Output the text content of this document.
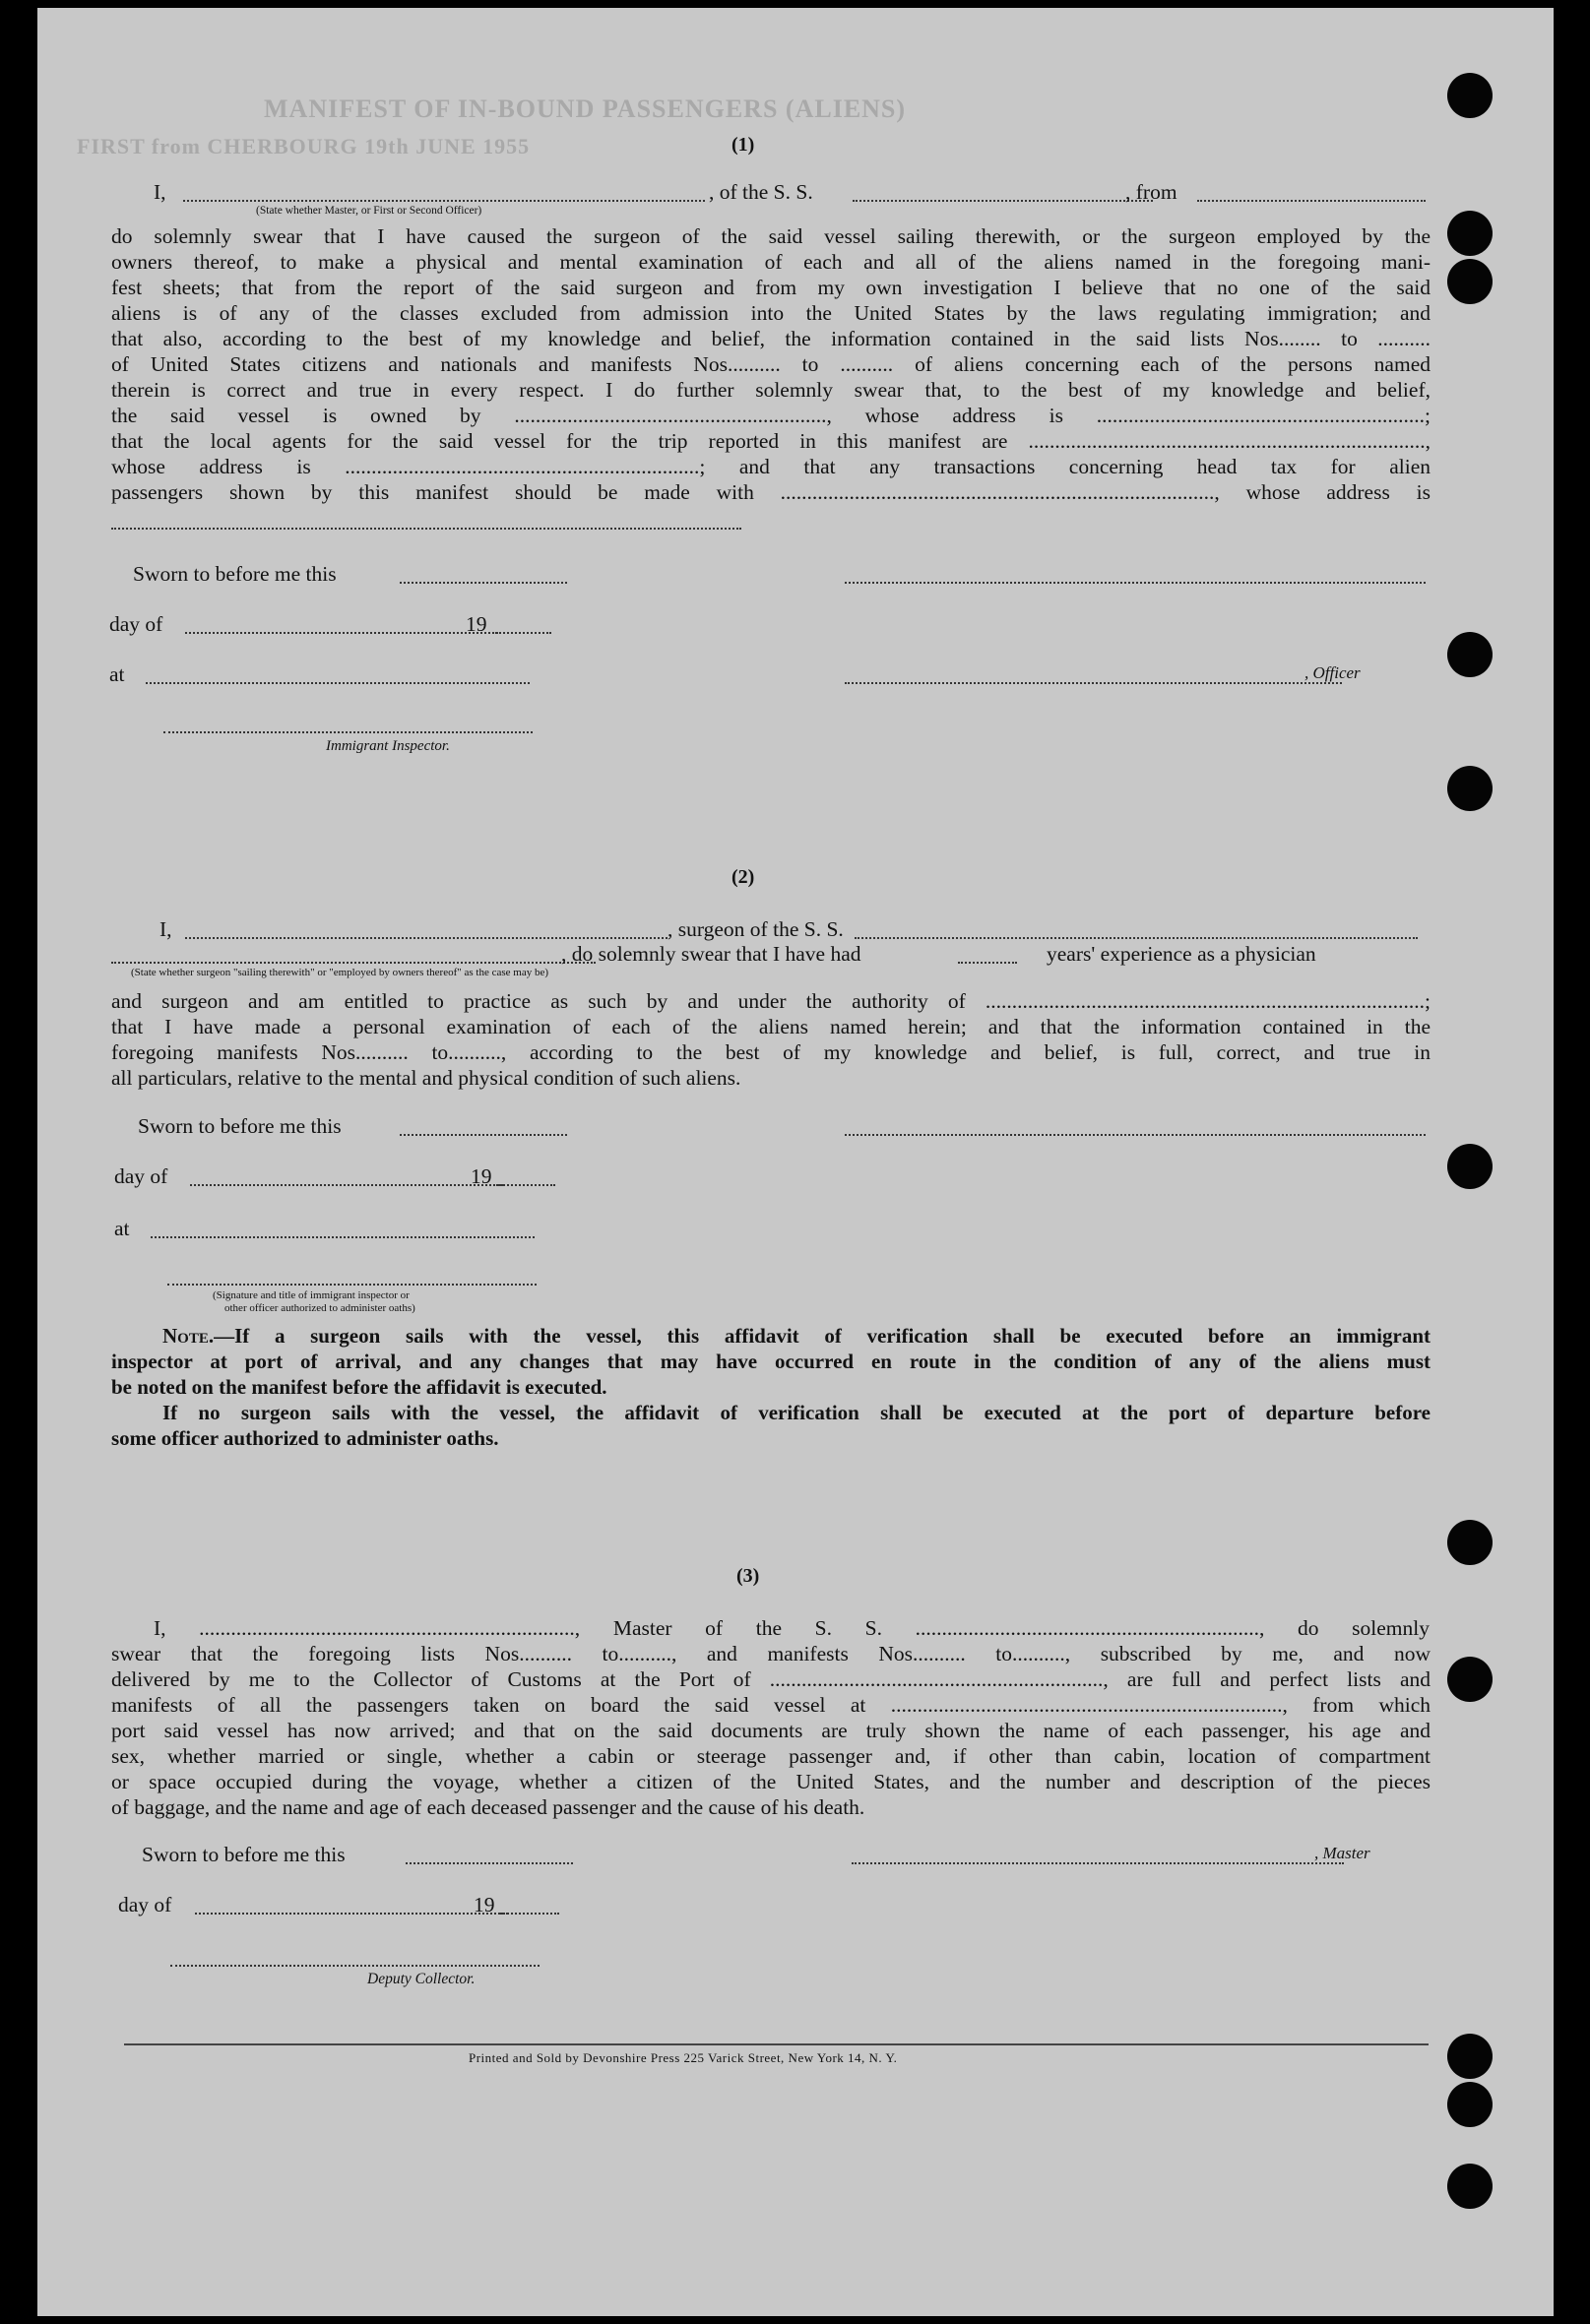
MANIFEST OF IN-BOUND PASSENGERS (ALIENS)
FIRST from CHERBOURG 19th JUNE 1955	(1)
I,	, of the S. S.	, from
(State whether Master, or First or Second Officer)

do solemnly swear that I have caused the surgeon of the said vessel sailing therewith, or the surgeon employed by the

owners thereof, to make a physical and mental examination of each and all of the aliens named in the foregoing mani-

fest sheets; that from the report of the said surgeon and from my own investigation I believe that no one of the said

aliens is of any of the classes excluded from admission into the United States by the laws regulating immigration; and

that also, according to the best of my knowledge and belief, the information contained in the said lists Nos........ to ..........

of United States citizens and nationals and manifests Nos.......... to .......... of aliens concerning each of the persons named

therein is correct and true in every respect. I do further solemnly swear that, to the best of my knowledge and belief,

the said vessel is owned by ..........................................................., whose address is ..............................................................;

that the local agents for the said vessel for the trip reported in this manifest are ...........................................................................,

whose address is ...................................................................; and that any transactions concerning head tax for alien

passengers shown by this manifest should be made with .................................................................................., whose address is

Sworn to before me this
day of	19
at	, Officer
Immigrant Inspector.
(2)
I,	, surgeon of the S. S.
, do solemnly swear that I have had	years' experience as a physician
(State whether surgeon "sailing therewith" or "employed by owners thereof" as the case may be)

and surgeon and am entitled to practice as such by and under the authority of ...................................................................................;

that I have made a personal examination of each of the aliens named herein; and that the information contained in the

foregoing manifests Nos.......... to.........., according to the best of my knowledge and belief, is full, correct, and true in

all particulars, relative to the mental and physical condition of such aliens.

Sworn to before me this
day of	19
at
(Signature and title of immigrant inspector or
other officer authorized to administer oaths)

Note.—If a surgeon sails with the vessel, this affidavit of verification shall be executed before an immigrant

inspector at port of arrival, and any changes that may have occurred en route in the condition of any of the aliens must

be noted on the manifest before the affidavit is executed.

If no surgeon sails with the vessel, the affidavit of verification shall be executed at the port of departure before

some officer authorized to administer oaths.

(3)

I, ......................................................................., Master of the S. S. ................................................................., do solemnly

swear that the foregoing lists Nos.......... to.........., and manifests Nos.......... to.........., subscribed by me, and now

delivered by me to the Collector of Customs at the Port of ..............................................................., are full and perfect lists and

manifests of all the passengers taken on board the said vessel at .........................................................................., from which

port said vessel has now arrived; and that on the said documents are truly shown the name of each passenger, his age and

sex, whether married or single, whether a cabin or steerage passenger and, if other than cabin, location of compartment

or space occupied during the voyage, whether a citizen of the United States, and the number and description of the pieces

of baggage, and the name and age of each deceased passenger and the cause of his death.

Sworn to before me this	, Master
day of	19
Deputy Collector.
Printed and Sold by Devonshire Press 225 Varick Street, New York 14, N. Y.
